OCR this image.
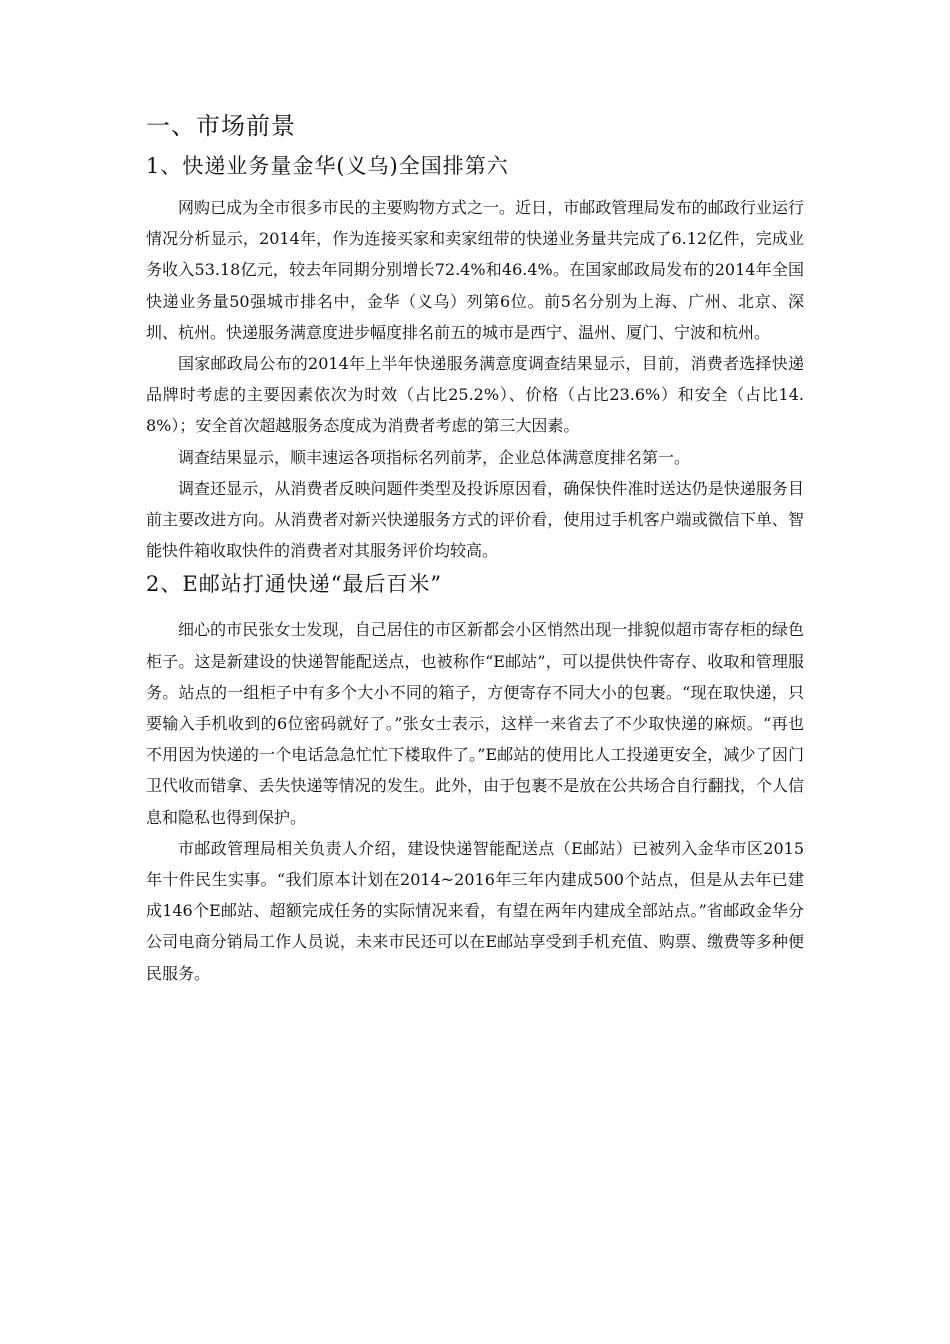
一、市场前景
1、快递业务量金华(义乌)全国排第六

网购已成为全市很多市民的主要购物方式之一。近日，市邮政管理局发布的邮政行业运行情况分析显示，2014年，作为连接买家和卖家纽带的快递业务量共完成了6.12亿件，完成业务收入53.18亿元，较去年同期分别增长72.4%和46.4%。在国家邮政局发布的2014年全国快递业务量50强城市排名中，金华（义乌）列第6位。前5名分别为上海、广州、北京、深圳、杭州。快递服务满意度进步幅度排名前五的城市是西宁、温州、厦门、宁波和杭州。

国家邮政局公布的2014年上半年快递服务满意度调查结果显示，目前，消费者选择快递品牌时考虑的主要因素依次为时效（占比25.2%）、价格（占比23.6%）和安全（占比14.8%）；安全首次超越服务态度成为消费者考虑的第三大因素。

调查结果显示，顺丰速运各项指标名列前茅，企业总体满意度排名第一。

调查还显示，从消费者反映问题件类型及投诉原因看，确保快件准时送达仍是快递服务目前主要改进方向。从消费者对新兴快递服务方式的评价看，使用过手机客户端或微信下单、智能快件箱收取快件的消费者对其服务评价均较高。

2、E邮站打通快递“最后百米”

细心的市民张女士发现，自己居住的市区新都会小区悄然出现一排貌似超市寄存柜的绿色柜子。这是新建设的快递智能配送点，也被称作“E邮站”，可以提供快件寄存、收取和管理服务。站点的一组柜子中有多个大小不同的箱子，方便寄存不同大小的包裹。“现在取快递，只要输入手机收到的6位密码就好了。”张女士表示，这样一来省去了不少取快递的麻烦。“再也不用因为快递的一个电话急急忙忙下楼取件了。”E邮站的使用比人工投递更安全，减少了因门卫代收而错拿、丢失快递等情况的发生。此外，由于包裹不是放在公共场合自行翻找，个人信息和隐私也得到保护。

市邮政管理局相关负责人介绍，建设快递智能配送点（E邮站）已被列入金华市区2015年十件民生实事。“我们原本计划在2014~2016年三年内建成500个站点，但是从去年已建成146个E邮站、超额完成任务的实际情况来看，有望在两年内建成全部站点。”省邮政金华分公司电商分销局工作人员说，未来市民还可以在E邮站享受到手机充值、购票、缴费等多种便民服务。
